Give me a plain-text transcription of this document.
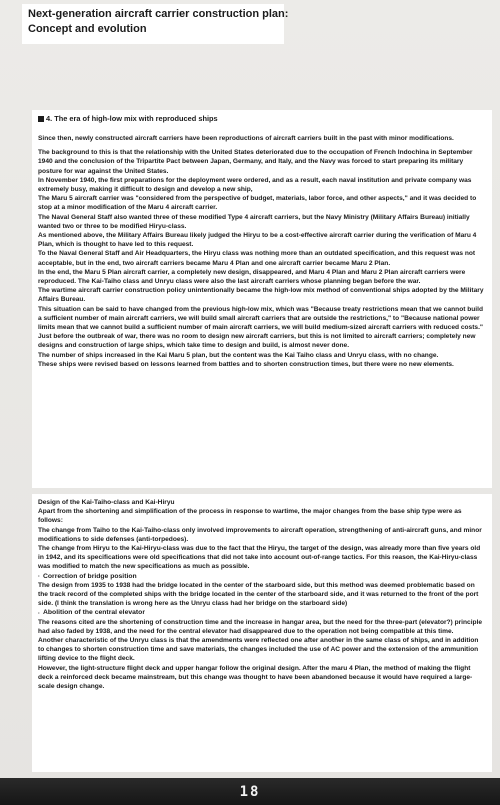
Next-generation aircraft carrier construction plan:
Concept and evolution
4. The era of high-low mix with reproduced ships

Since then, newly constructed aircraft carriers have been reproductions of aircraft carriers built in the past with minor modifications.

The background to this is that the relationship with the United States deteriorated due to the occupation of French Indochina in September 1940 and the conclusion of the Tripartite Pact between Japan, Germany, and Italy, and the Navy was forced to start preparing its military posture for war against the United States.

In November 1940, the first preparations for the deployment were ordered, and as a result, each naval institution and private company was extremely busy, making it difficult to design and develop a new ship,

The Maru 5 aircraft carrier was "considered from the perspective of budget, materials, labor force, and other aspects," and it was decided to stop at a minor modification of the Maru 4 aircraft carrier.

The Naval General Staff also wanted three of these modified Type 4 aircraft carriers, but the Navy Ministry (Military Affairs Bureau) initially wanted two or three to be modified Hiryu-class.

As mentioned above, the Military Affairs Bureau likely judged the Hiryu to be a cost-effective aircraft carrier during the verification of Maru 4 Plan, which is thought to have led to this request.

To the Naval General Staff and Air Headquarters, the Hiryu class was nothing more than an outdated specification, and this request was not acceptable, but in the end, two aircraft carriers became Maru 4 Plan and one aircraft carrier became Maru 2 Plan.

In the end, the Maru 5 Plan aircraft carrier, a completely new design, disappeared, and Maru 4 Plan and Maru 2 Plan aircraft carriers were reproduced. The Kai-Taiho class and Unryu class were also the last aircraft carriers whose planning began before the war.

The wartime aircraft carrier construction policy unintentionally became the high-low mix method of conventional ships adopted by the Military Affairs Bureau.

This situation can be said to have changed from the previous high-low mix, which was "Because treaty restrictions mean that we cannot build a sufficient number of main aircraft carriers, we will build small aircraft carriers that are outside the restrictions," to "Because national power limits mean that we cannot build a sufficient number of main aircraft carriers, we will build medium-sized aircraft carriers with reduced costs." Just before the outbreak of war, there was no room to design new aircraft carriers, but this is not limited to aircraft carriers; completely new designs and construction of large ships, which take time to design and build, is almost never done.

The number of ships increased in the Kai Maru 5 plan, but the content was the Kai Taiho class and Unryu class, with no change.

These ships were revised based on lessons learned from battles and to shorten construction times, but there were no new elements.

Design of the Kai-Taiho-class and Kai-Hiryu

Apart from the shortening and simplification of the process in response to wartime, the major changes from the base ship type were as follows:

The change from Taiho to the Kai-Taiho-class only involved improvements to aircraft operation, strengthening of anti-aircraft guns, and minor modifications to side defenses (anti-torpedoes).

The change from Hiryu to the Kai-Hiryu-class was due to the fact that the Hiryu, the target of the design, was already more than five years old in 1942, and its specifications were old specifications that did not take into account out-of-range tactics. For this reason, the Kai-Hiryu-class was modified to match the new specifications as much as possible.

· Correction of bridge position

The design from 1935 to 1938 had the bridge located in the center of the starboard side, but this method was deemed problematic based on the track record of the completed ships with the bridge located in the center of the starboard side, and it was returned to the front of the port side. (I think the translation is wrong here as the Unryu class had her bridge on the starboard side)

· Abolition of the central elevator

The reasons cited are the shortening of construction time and the increase in hangar area, but the need for the three-part (elevator?) principle had also faded by 1938, and the need for the central elevator had disappeared due to the operation not being compatible at this time.

Another characteristic of the Unryu class is that the amendments were reflected one after another in the same class of ships, and in addition to changes to shorten construction time and save materials, the changes included the use of AC power and the extension of the ammunition lifting device to the flight deck.

However, the light-structure flight deck and upper hangar follow the original design. After the maru 4 Plan, the method of making the flight deck a reinforced deck became mainstream, but this change was thought to have been abandoned because it would have required a large-scale design change.

18
